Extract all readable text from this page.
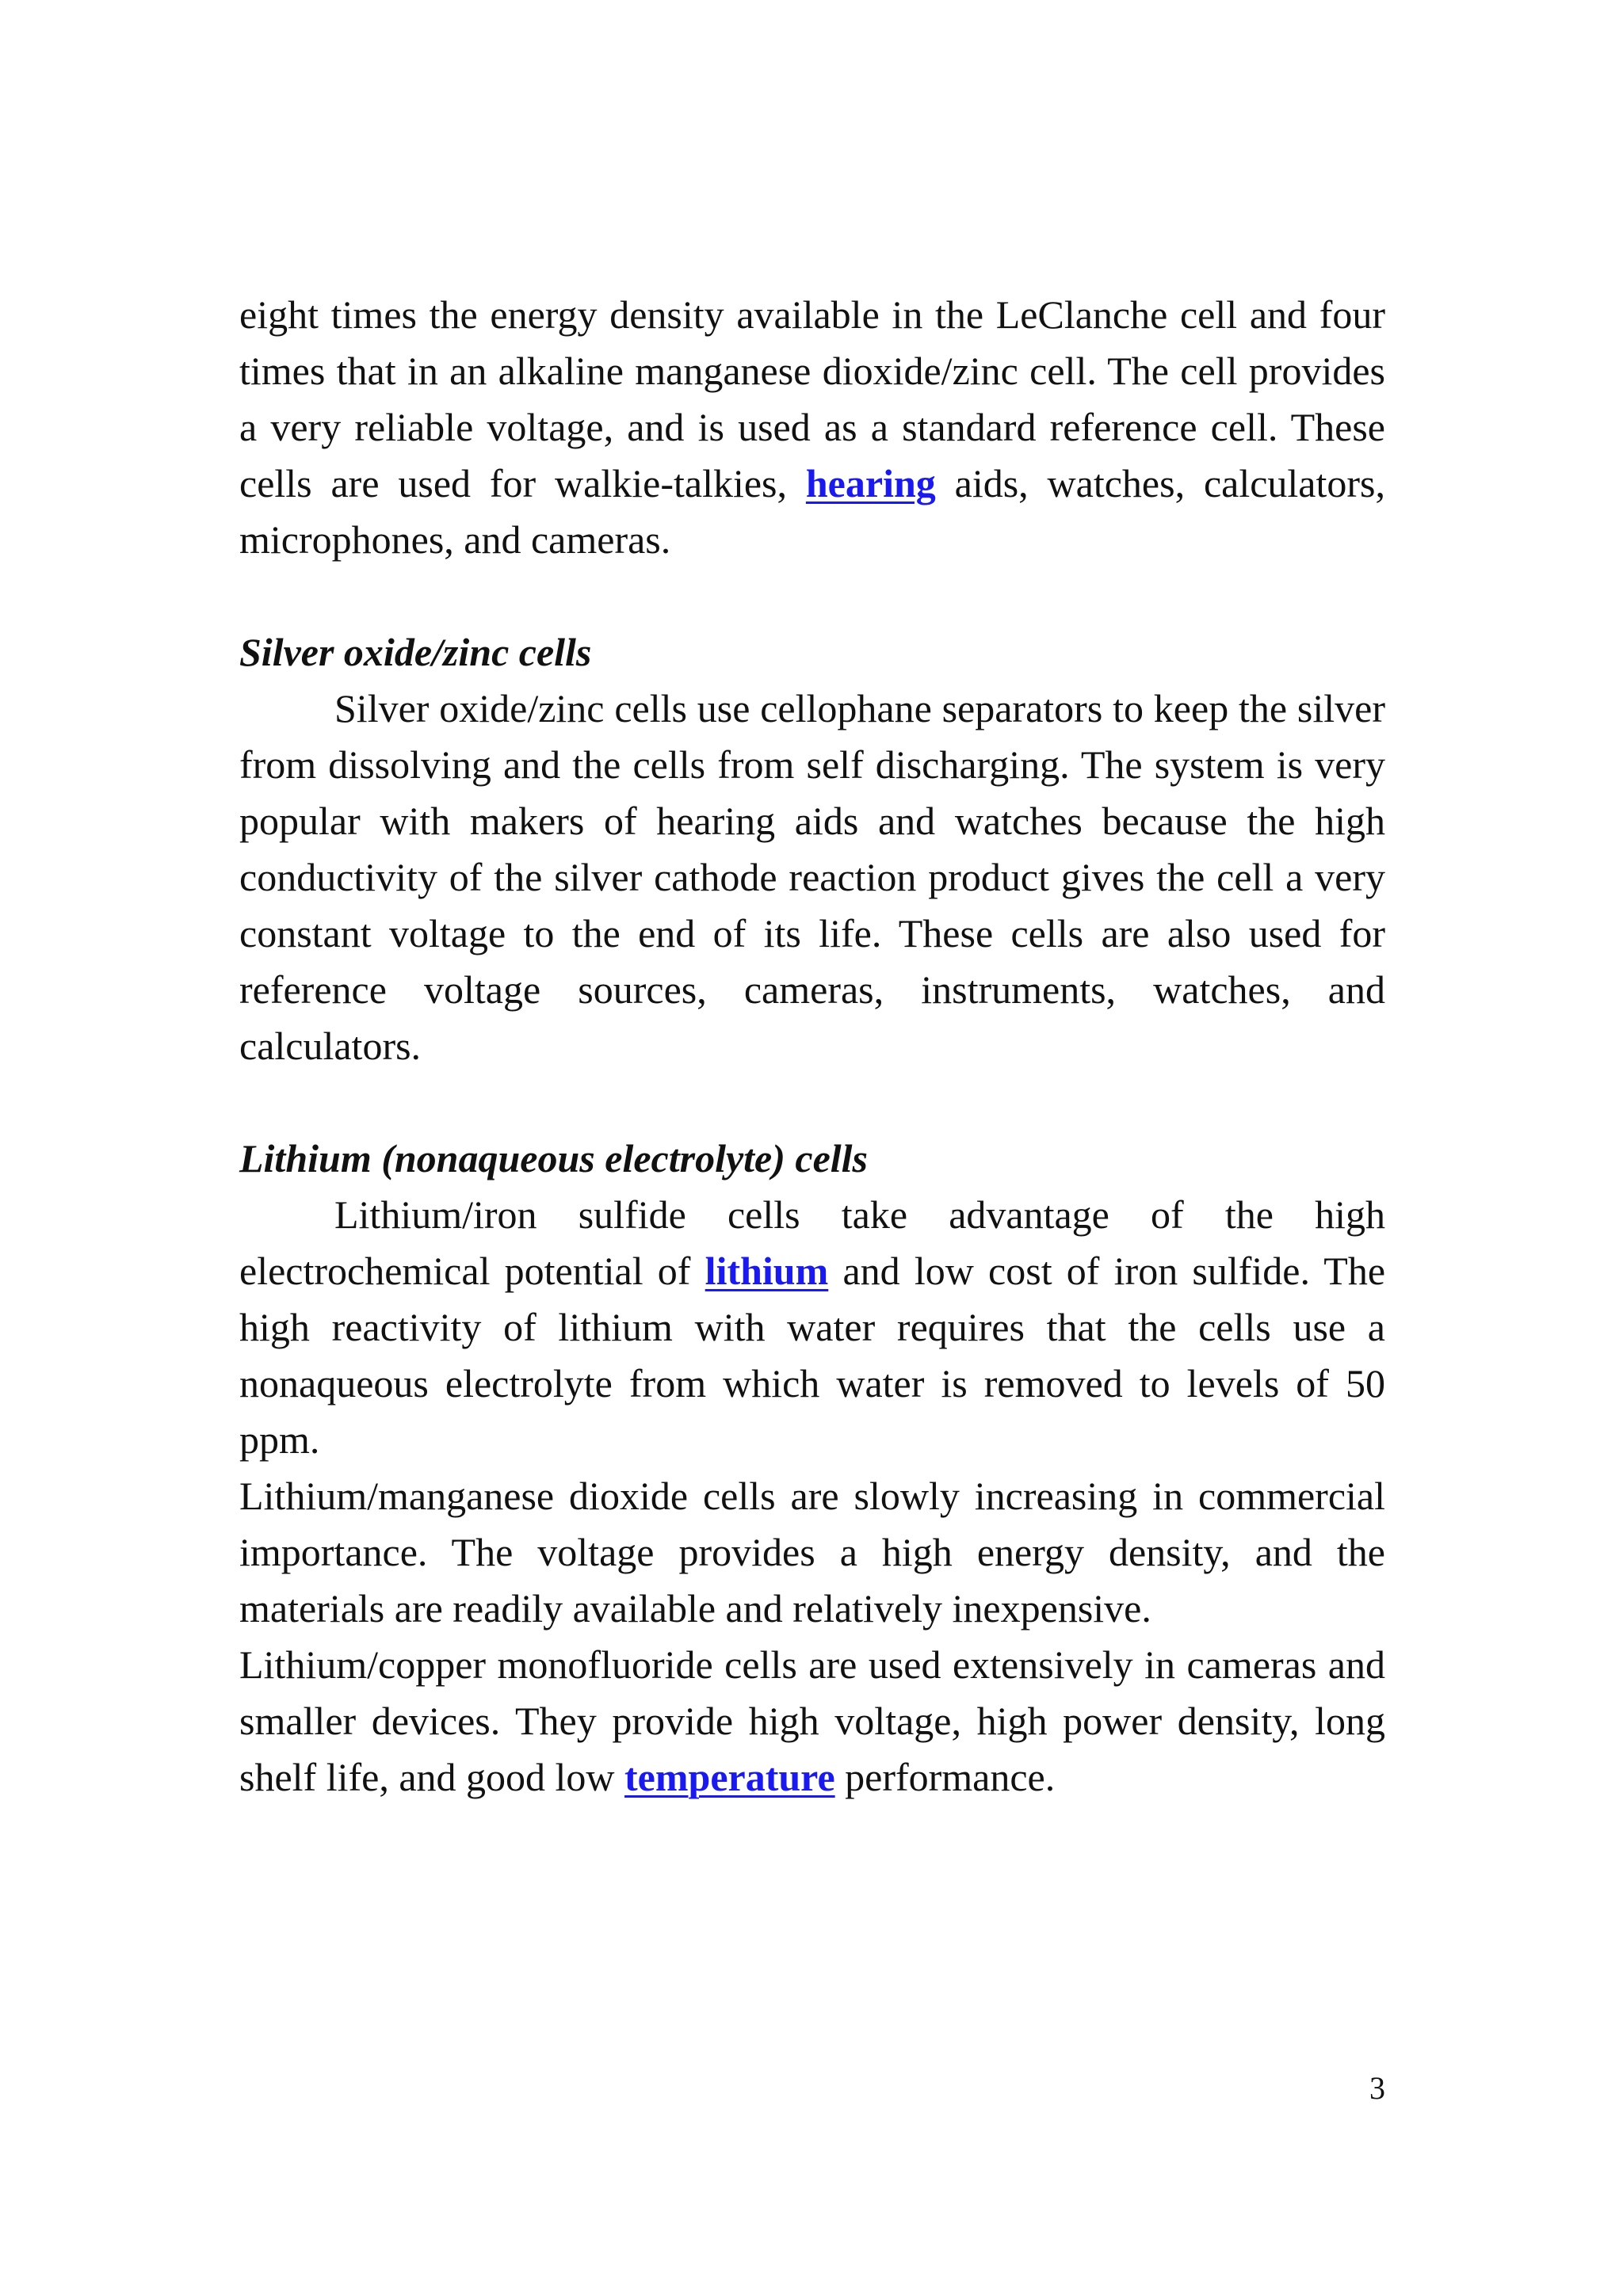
eight times the energy density available in the LeClanche cell and four times that in an alkaline manganese dioxide/zinc cell. The cell provides a very reliable voltage, and is used as a standard reference cell. These cells are used for walkie-talkies, hearing aids, watches, calculators, microphones, and cameras.

Silver oxide/zinc cells

Silver oxide/zinc cells use cellophane separators to keep the silver from dissolving and the cells from self discharging. The system is very popular with makers of hearing aids and watches because the high conductivity of the silver cathode reaction product gives the cell a very constant voltage to the end of its life. These cells are also used for reference voltage sources, cameras, instruments, watches, and calculators.

Lithium (nonaqueous electrolyte) cells

Lithium/iron sulfide cells take advantage of the high electrochemical potential of lithium and low cost of iron sulfide. The high reactivity of lithium with water requires that the cells use a nonaqueous electrolyte from which water is removed to levels of 50 ppm.

Lithium/manganese dioxide cells are slowly increasing in commercial importance. The voltage provides a high energy density, and the materials are readily available and relatively inexpensive.

Lithium/copper monofluoride cells are used extensively in cameras and smaller devices. They provide high voltage, high power density, long shelf life, and good low temperature performance.

3
